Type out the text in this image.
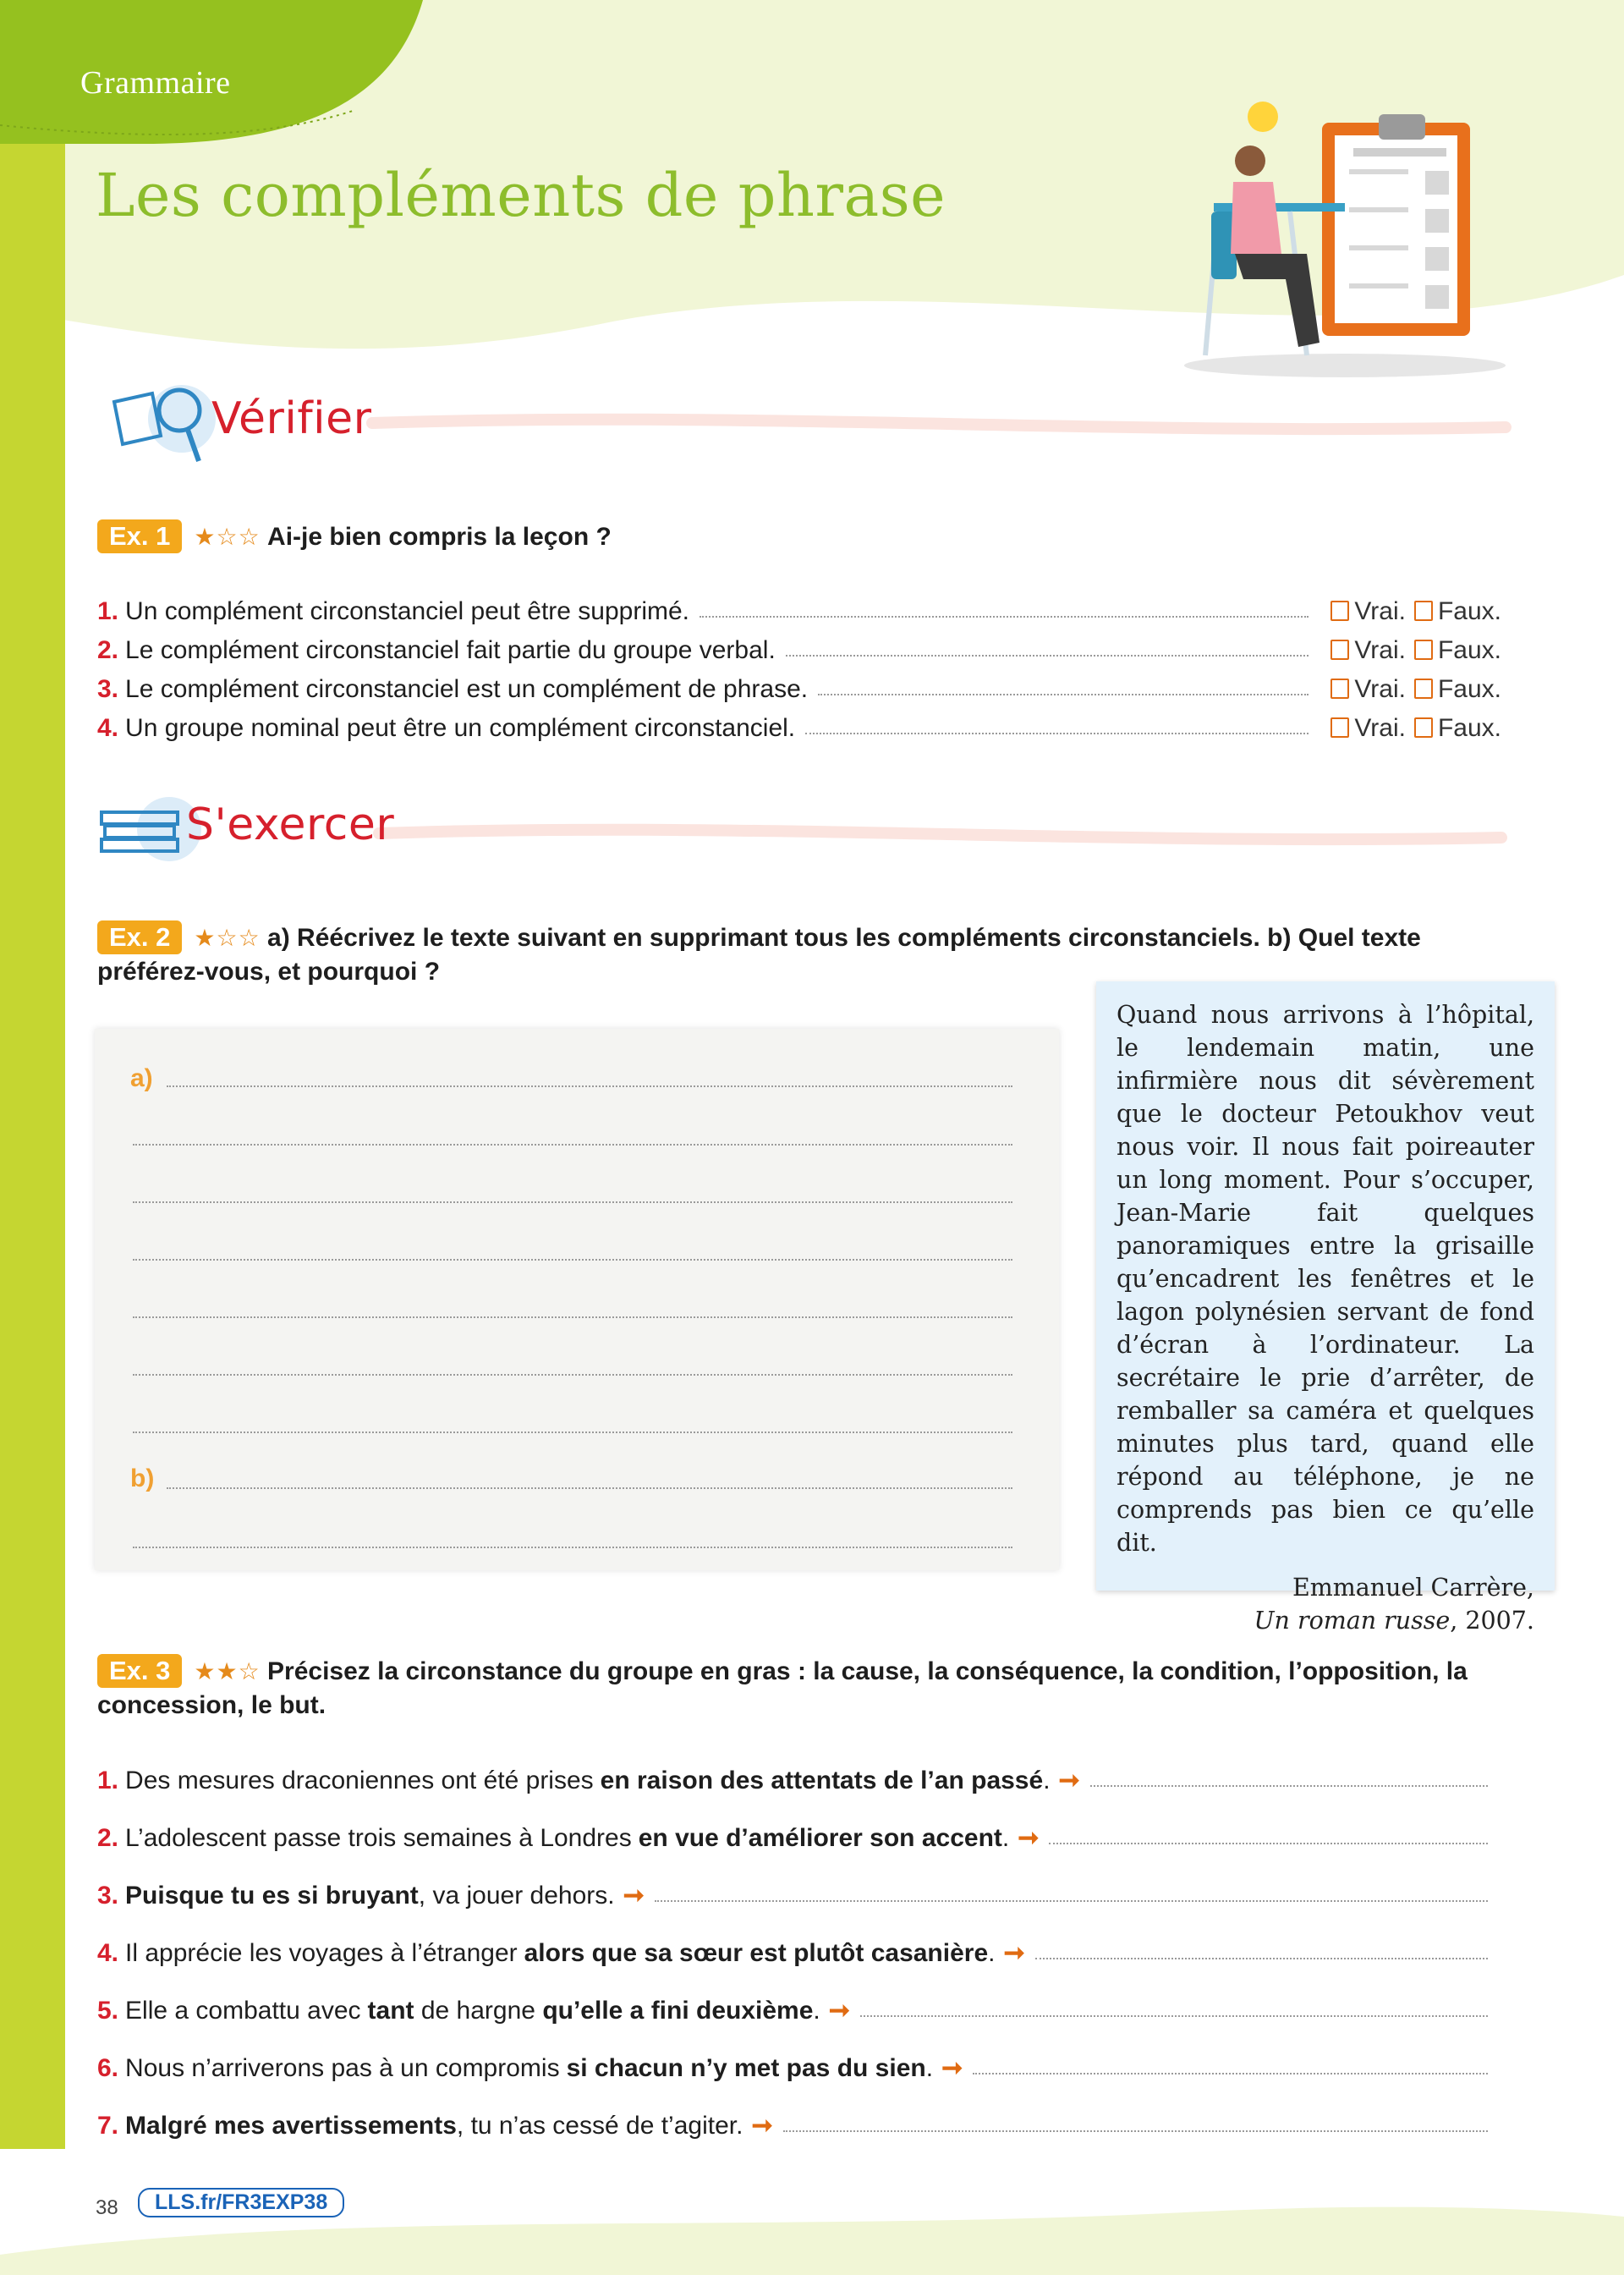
Grammaire
Les compléments de phrase
Vérifier
Ex. 1 ★☆☆ Ai-je bien compris la leçon ?
1. Un complément circonstanciel peut être supprimé.	Vrai. Faux.
2. Le complément circonstanciel fait partie du groupe verbal.	Vrai. Faux.
3. Le complément circonstanciel est un complément de phrase.	Vrai. Faux.
4. Un groupe nominal peut être un complément circonstanciel.	Vrai. Faux.
S'exercer
Ex. 2 ★☆☆ a) Réécrivez le texte suivant en supprimant tous les compléments circonstanciels. b) Quel texte préférez-vous, et pourquoi ?
a)
b)
Quand nous arrivons à l’hôpital, le lendemain matin, une infirmière nous dit sévèrement que le docteur Petoukhov veut nous voir. Il nous fait poireauter un long moment. Pour s’occuper, Jean-Marie fait quelques panoramiques entre la grisaille qu’encadrent les fenêtres et le lagon polynésien servant de fond d’écran à l’ordinateur. La secrétaire le prie d’arrêter, de remballer sa caméra et quelques minutes plus tard, quand elle répond au téléphone, je ne comprends pas bien ce qu’elle dit.
Emmanuel Carrère,
Un roman russe, 2007.
Ex. 3 ★★☆ Précisez la circonstance du groupe en gras : la cause, la conséquence, la condition, l’opposition, la concession, le but.
1. Des mesures draconiennes ont été prises en raison des attentats de l’an passé . ➞
2. L’adolescent passe trois semaines à Londres en vue d’améliorer son accent . ➞
3. Puisque tu es si bruyant , va jouer dehors. ➞
4. Il apprécie les voyages à l’étranger alors que sa sœur est plutôt casanière . ➞
5. Elle a combattu avec tant de hargne qu’elle a fini deuxième . ➞
6. Nous n’arriverons pas à un compromis si chacun n’y met pas du sien . ➞
7. Malgré mes avertissements , tu n’as cessé de t’agiter. ➞
38	LLS.fr/FR3EXP38
